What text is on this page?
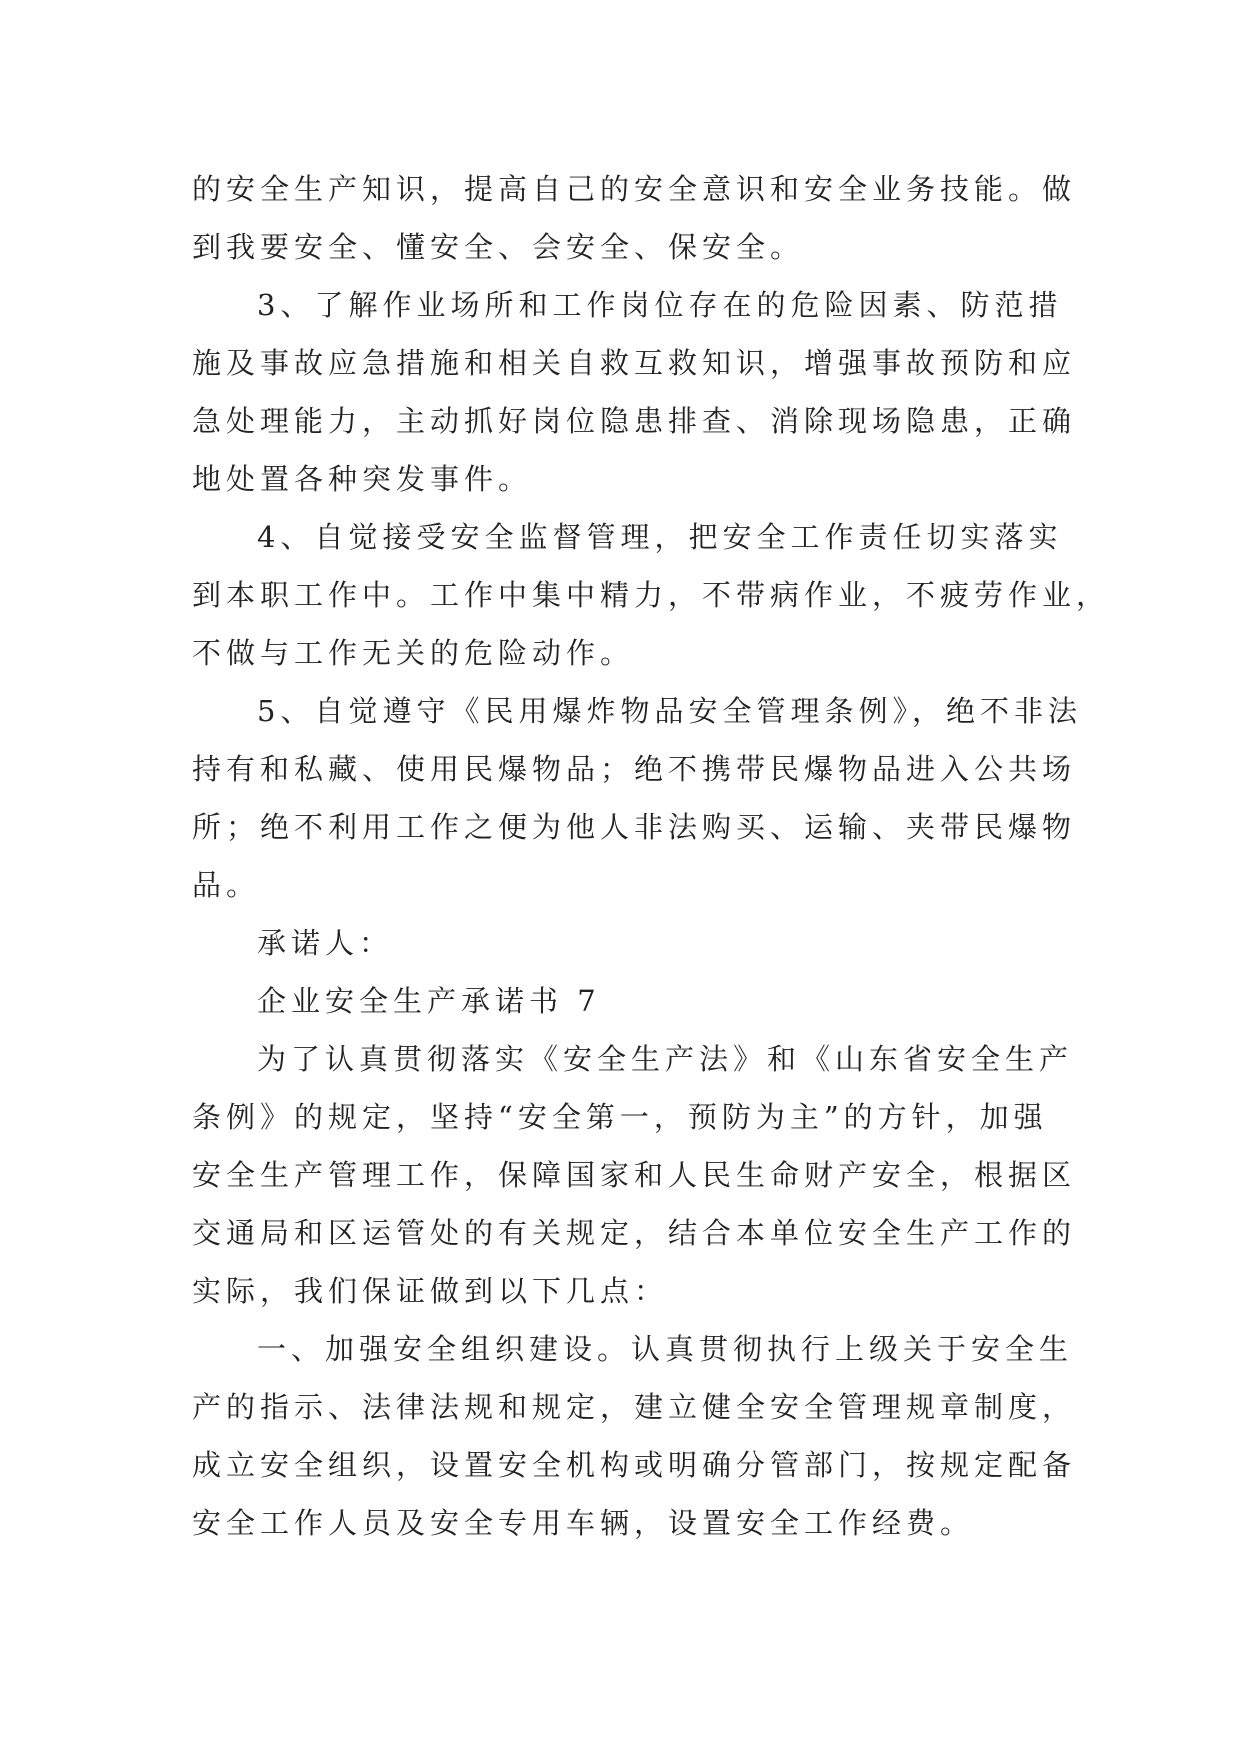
的安全生产知识，提高自己的安全意识和安全业务技能。做
到我要安全、懂安全、会安全、保安全。
3、了解作业场所和工作岗位存在的危险因素、防范措
施及事故应急措施和相关自救互救知识，增强事故预防和应
急处理能力，主动抓好岗位隐患排查、消除现场隐患，正确
地处置各种突发事件。
4、自觉接受安全监督管理，把安全工作责任切实落实
到本职工作中。工作中集中精力，不带病作业，不疲劳作业，
不做与工作无关的危险动作。
5、自觉遵守《民用爆炸物品安全管理条例》，绝不非法
持有和私藏、使用民爆物品；绝不携带民爆物品进入公共场
所；绝不利用工作之便为他人非法购买、运输、夹带民爆物
品。
承诺人：
企业安全生产承诺书 7
为了认真贯彻落实《安全生产法》和《山东省安全生产
条例》的规定，坚持“安全第一，预防为主”的方针，加强
安全生产管理工作，保障国家和人民生命财产安全，根据区
交通局和区运管处的有关规定，结合本单位安全生产工作的
实际，我们保证做到以下几点：
一、加强安全组织建设。认真贯彻执行上级关于安全生
产的指示、法律法规和规定，建立健全安全管理规章制度，
成立安全组织，设置安全机构或明确分管部门，按规定配备
安全工作人员及安全专用车辆，设置安全工作经费。
